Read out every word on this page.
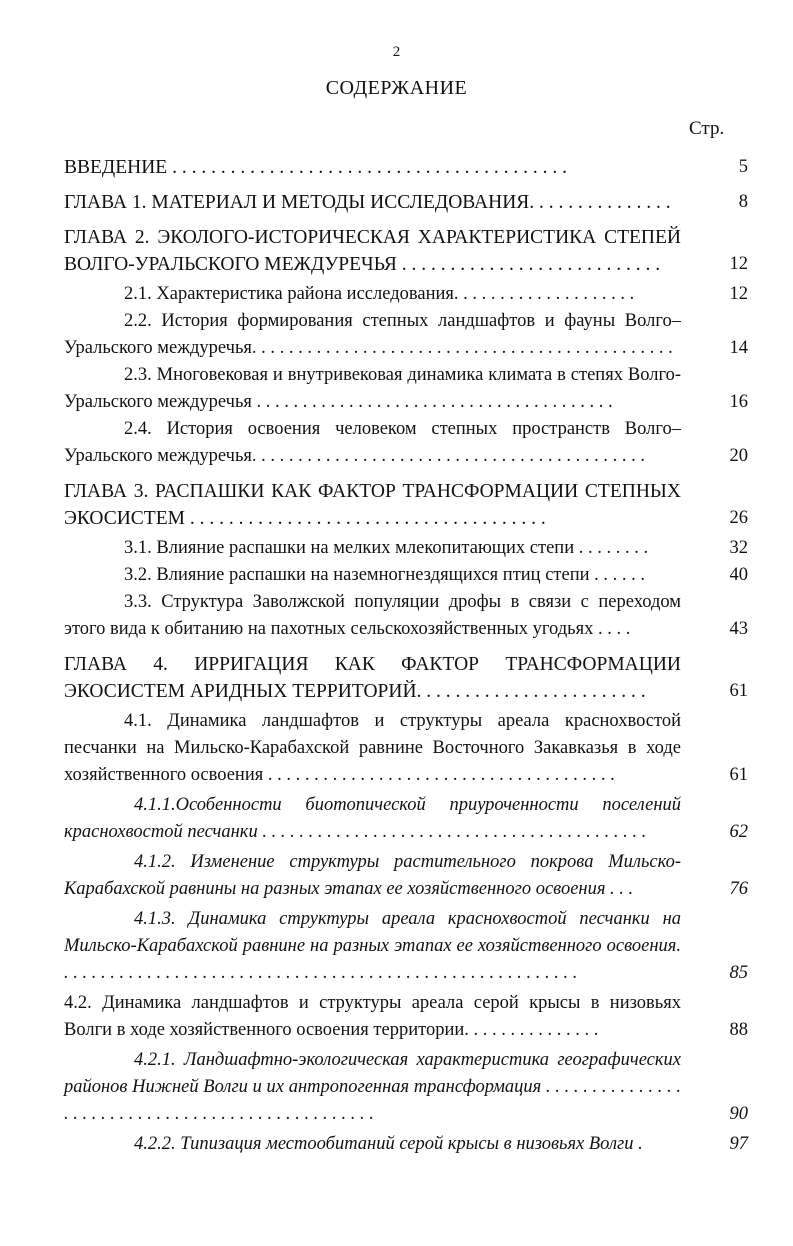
2
СОДЕРЖАНИЕ
Стр.
ВВЕДЕНИЕ . . . . . . . . . . . . . . . . . . . . . . . . . . . . . . . . . . . . . . . . .	5
ГЛАВА 1. МАТЕРИАЛ И МЕТОДЫ ИССЛЕДОВАНИЯ. . . . . . . . . . . . . . .	8
ГЛАВА 2. ЭКОЛОГО-ИСТОРИЧЕСКАЯ ХАРАКТЕРИСТИКА СТЕПЕЙ ВОЛГО-УРАЛЬСКОГО МЕЖДУРЕЧЬЯ . . . . . . . . . . . . . . . . . . . . . . . . . . .	12
2.1. Характеристика района исследования. . . . . . . . . . . . . . . . . . . .	12
2.2. История формирования степных ландшафтов и фауны Волго–Уральского междуречья. . . . . . . . . . . . . . . . . . . . . . . . . . . . . . . . . . . . . . . . . . . . . .	14
2.3. Многовековая и внутривековая динамика климата в степях Волго-Уральского междуречья . . . . . . . . . . . . . . . . . . . . . . . . . . . . . . . . . . . . . . .	16
2.4. История освоения человеком степных пространств Волго–Уральского междуречья. . . . . . . . . . . . . . . . . . . . . . . . . . . . . . . . . . . . . . . . . . .	20
ГЛАВА 3. РАСПАШКИ КАК ФАКТОР ТРАНСФОРМАЦИИ СТЕПНЫХ ЭКОСИСТЕМ . . . . . . . . . . . . . . . . . . . . . . . . . . . . . . . . . . . . .	26
3.1. Влияние распашки на мелких млекопитающих степи . . . . . . . .	32
3.2. Влияние распашки на наземногнездящихся птиц степи . . . . . .	40
3.3. Структура Заволжской популяции дрофы в связи с переходом этого вида к обитанию на пахотных сельскохозяйственных угодьях . . . .	43
ГЛАВА 4. ИРРИГАЦИЯ КАК ФАКТОР ТРАНСФОРМАЦИИ ЭКОСИСТЕМ АРИДНЫХ ТЕРРИТОРИЙ. . . . . . . . . . . . . . . . . . . . . . . .	61
4.1. Динамика ландшафтов и структуры ареала краснохвостой песчанки на Мильско-Карабахской равнине Восточного Закавказья в ходе хозяйственного освоения . . . . . . . . . . . . . . . . . . . . . . . . . . . . . . . . . . . . . .	61
4.1.1.Особенности биотопической приуроченности поселений краснохвостой песчанки . . . . . . . . . . . . . . . . . . . . . . . . . . . . . . . . . . . . . . . . . .	62
4.1.2. Изменение структуры растительного покрова Мильско-Карабахской равнины на разных этапах ее хозяйственного освоения . . .	76
4.1.3. Динамика структуры ареала краснохвостой песчанки на Мильско-Карабахской равнине на разных этапах ее хозяйственного освоения. . . . . . . . . . . . . . . . . . . . . . . . . . . . . . . . . . . . . . . . . . . . . . . . . . . . . . . . .	85
4.2. Динамика ландшафтов и структуры ареала серой крысы в низовьях Волги в ходе хозяйственного освоения территории. . . . . . . . . . . . . . .	88
4.2.1. Ландшафтно-экологическая характеристика географических районов Нижней Волги и их антропогенная трансформация . . . . . . . . . . . . . . . . . . . . . . . . . . . . . . . . . . . . . . . . . . . . . . . . .	90
4.2.2. Типизация местообитаний серой крысы в низовьях Волги .	97
